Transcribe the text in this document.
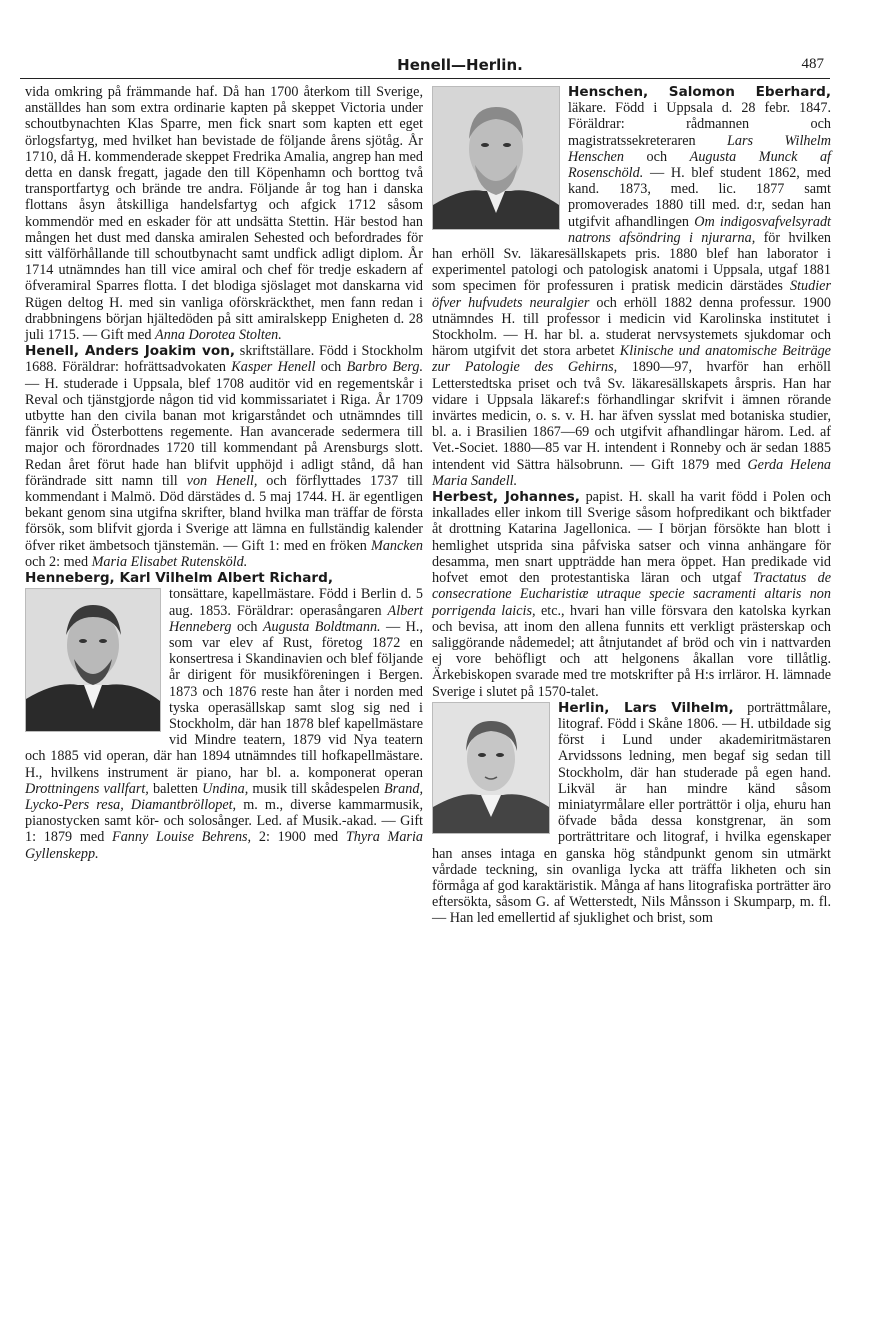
Henell—Herlin.	487

vida omkring på främmande haf. Då han 1700 återkom till Sverige, anställdes han som extra ordinarie kapten på skeppet Victoria under schoutbynachten Klas Sparre, men fick snart som kapten ett eget örlogsfartyg, med hvilket han bevistade de följande årens sjötåg. År 1710, då H. kommenderade skeppet Fredrika Amalia, angrep han med detta en dansk fregatt, jagade den till Köpenhamn och borttog två transportfartyg och brände tre andra. Följande år tog han i danska flottans åsyn åtskilliga handelsfartyg och afgick 1712 såsom kommendör med en eskader för att undsätta Stettin. Här bestod han mången het dust med danska amiralen Sehested och befordrades för sitt välförhållande till schoutbynacht samt undfick adligt diplom. År 1714 utnämndes han till vice amiral och chef för tredje eskadern af öfveramiral Sparres flotta. I det blodiga sjöslaget mot danskarna vid Rügen deltog H. med sin vanliga oförskräckthet, men fann redan i drabbningens början hjältedöden på sitt amiralskepp Enigheten d. 28 juli 1715. — Gift med Anna Dorotea Stolten.

Henell, Anders Joakim von, skriftställare. Född i Stockholm 1688. Föräldrar: hofrättsadvokaten Kasper Henell och Barbro Berg. — H. studerade i Uppsala, blef 1708 auditör vid en regementskår i Reval och tjänstgjorde någon tid vid kommissariatet i Riga. År 1709 utbytte han den civila banan mot krigarståndet och utnämndes till fänrik vid Österbottens regemente. Han avancerade sedermera till major och förordnades 1720 till kommendant på Arensburgs slott. Redan året förut hade han blifvit upphöjd i adligt stånd, då han förändrade sitt namn till von Henell, och förflyttades 1737 till kommendant i Malmö. Död därstädes d. 5 maj 1744. H. är egentligen bekant genom sina utgifna skrifter, bland hvilka man träffar de första försök, som blifvit gjorda i Sverige att lämna en fullständig kalender öfver riket ämbetsoch tjänstemän. — Gift 1: med en fröken Mancken och 2: med Maria Elisabet Rutensköld.

Henneberg, Karl Vilhelm Albert Richard,

tonsättare, kapellmästare. Född i Berlin d. 5 aug. 1853. Föräldrar: operasångaren Albert Henneberg och Augusta Boldtmann. — H., som var elev af Rust, företog 1872 en konsertresa i Skandinavien och blef följande år dirigent för musikföreningen i Bergen. 1873 och 1876 reste han åter i norden med tyska operasällskap samt slog sig ned i Stockholm, där han 1878 blef kapellmästare vid Mindre teatern, 1879 vid Nya teatern och 1885 vid operan, där han 1894 utnämndes till hofkapellmästare. H., hvilkens instrument är piano, har bl. a. komponerat operan Drottningens vallfart, baletten Undina, musik till skådespelen Brand, Lycko-Pers resa, Diamantbröllopet, m. m., diverse kammarmusik, pianostycken samt kör- och solosånger. Led. af Musik.-akad. — Gift 1: 1879 med Fanny Louise Behrens, 2: 1900 med Thyra Maria Gyllenskepp.

Henschen, Salomon Eberhard,
läkare. Född i Uppsala d. 28 febr. 1847. Föräldrar: rådmannen och magistratssekreteraren Lars Wilhelm Henschen och Augusta Munck af Rosenschöld. — H. blef student 1862, med kand. 1873, med. lic. 1877 samt promoverades 1880 till med. d:r, sedan han utgifvit afhandlingen Om indigosvafvelsyradt natrons afsöndring i njurarna, för hvilken han erhöll Sv. läkaresällskapets pris. 1880 blef han laborator i experimentel patologi och patologisk anatomi i Uppsala, utgaf 1881 som specimen för professuren i pratisk medicin därstädes Studier öfver hufvudets neuralgier och erhöll 1882 denna professur. 1900 utnämndes H. till professor i medicin vid Karolinska institutet i Stockholm. — H. har bl. a. studerat nervsystemets sjukdomar och härom utgifvit det stora arbetet Klinische und anatomische Beiträge zur Patologie des Gehirns, 1890—97, hvarför han erhöll Letterstedtska priset och två Sv. läkaresällskapets årspris. Han har vidare i Uppsala läkaref:s förhandlingar skrifvit i ämnen rörande invärtes medicin, o. s. v. H. har äfven sysslat med botaniska studier, bl. a. i Brasilien 1867—69 och utgifvit afhandlingar härom. Led. af Vet.-Societ. 1880—85 var H. intendent i Ronneby och är sedan 1885 intendent vid Sättra hälsobrunn. — Gift 1879 med Gerda Helena Maria Sandell.

Herbest, Johannes, papist. H. skall ha varit född i Polen och inkallades eller inkom till Sverige såsom hofpredikant och biktfader åt drottning Katarina Jagellonica. — I början försökte han blott i hemlighet utsprida sina påfviska satser och vinna anhängare för desamma, men snart uppträdde han mera öppet. Han predikade vid hofvet emot den protestantiska läran och utgaf Tractatus de consecratione Eucharistiæ utraque specie sacramenti altaris non porrigenda laicis, etc., hvari han ville försvara den katolska kyrkan och bevisa, att inom den allena funnits ett verkligt prästerskap och saliggörande nådemedel; att åtnjutandet af bröd och vin i nattvarden ej vore behöfligt och att helgonens åkallan vore tillåtlig. Ärkebiskopen svarade med tre motskrifter på H:s irrläror. H. lämnade Sverige i slutet på 1570-talet.

Herlin, Lars Vilhelm,
porträttmålare, litograf. Född i Skåne 1806. — H. utbildade sig först i Lund under akademiritmästaren Arvidssons ledning, men begaf sig sedan till Stockholm, där han studerade på egen hand. Likväl är han mindre känd såsom miniatyrmålare eller porträttör i olja, ehuru han öfvade båda dessa konstgrenar, än som porträttritare och litograf, i hvilka egenskaper han anses intaga en ganska hög ståndpunkt genom sin utmärkt vårdade teckning, sin ovanliga lycka att träffa likheten och sin förmåga af god karaktäristik. Många af hans litografiska porträtter äro eftersökta, såsom G. af Wetterstedt, Nils Månsson i Skumparp, m. fl. — Han led emellertid af sjuklighet och brist, som
